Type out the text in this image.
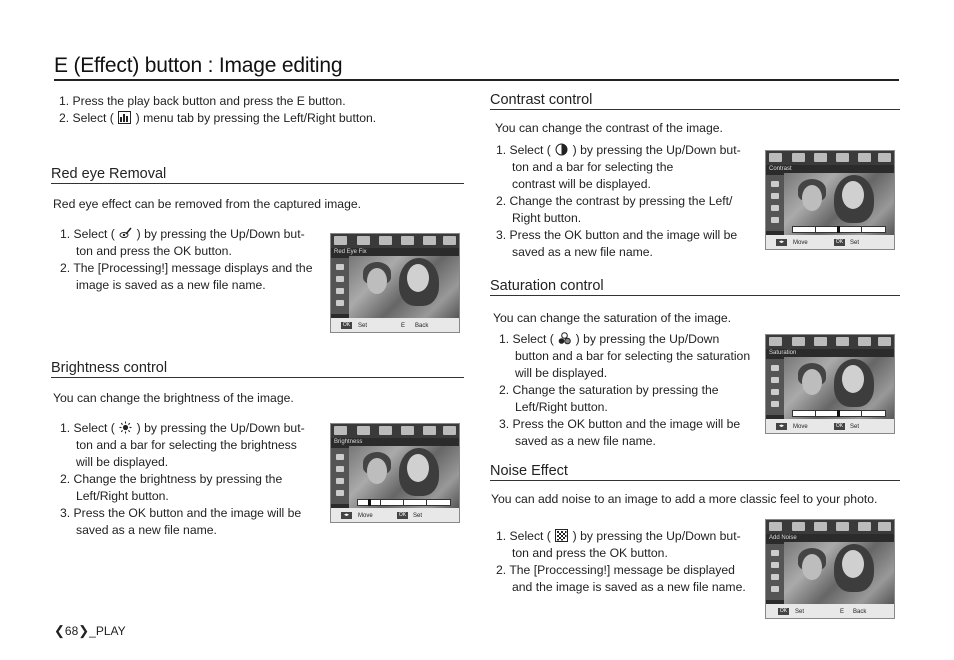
E (Effect) button : Image editing
1. Press the play back button and press the E button.
2. Select (  ) menu tab by pressing the Left/Right button.
Red eye Removal
Red eye effect can be removed from the captured image.
1. Select (  ) by pressing the Up/Down but-
ton and press the OK button.
2. The [Processing!] message displays and the
image is saved as a new file name.
Red Eye Fix
OK	Set	E Back
Brightness control
You can change the brightness of the image.
1. Select (  ) by pressing the Up/Down but-
ton and a bar for selecting the brightness
will be displayed.
2. Change the brightness by pressing the
Left/Right button.
3. Press the OK button and the image will be
saved as a new file name.
Brightness
◂▸	Move	OK	Set
Contrast control
You can change the contrast of the image.
1. Select (  ) by pressing the Up/Down but-
ton and a bar for selecting the
contrast will be displayed.
2. Change the contrast by pressing the Left/
Right button.
3. Press the OK button and the image will be
saved as a new file name.
Contrast
◂▸	Move	OK	Set
Saturation control
You can change the saturation of the image.
1. Select (  ) by pressing the Up/Down
button and a bar for selecting the saturation
will be displayed.
2. Change the saturation by pressing the
Left/Right button.
3. Press the OK button and the image will be
saved as a new file name.
Saturation
◂▸	Move	OK	Set
Noise Effect
You can add noise to an image to add a more classic feel to your photo.
1. Select (  ) by pressing the Up/Down but-
ton and press the OK button.
2. The [Proccessing!] message be displayed
and the image is saved as a new file name.
Add Noise
OK	Set	E Back
❮68❯_PLAY
